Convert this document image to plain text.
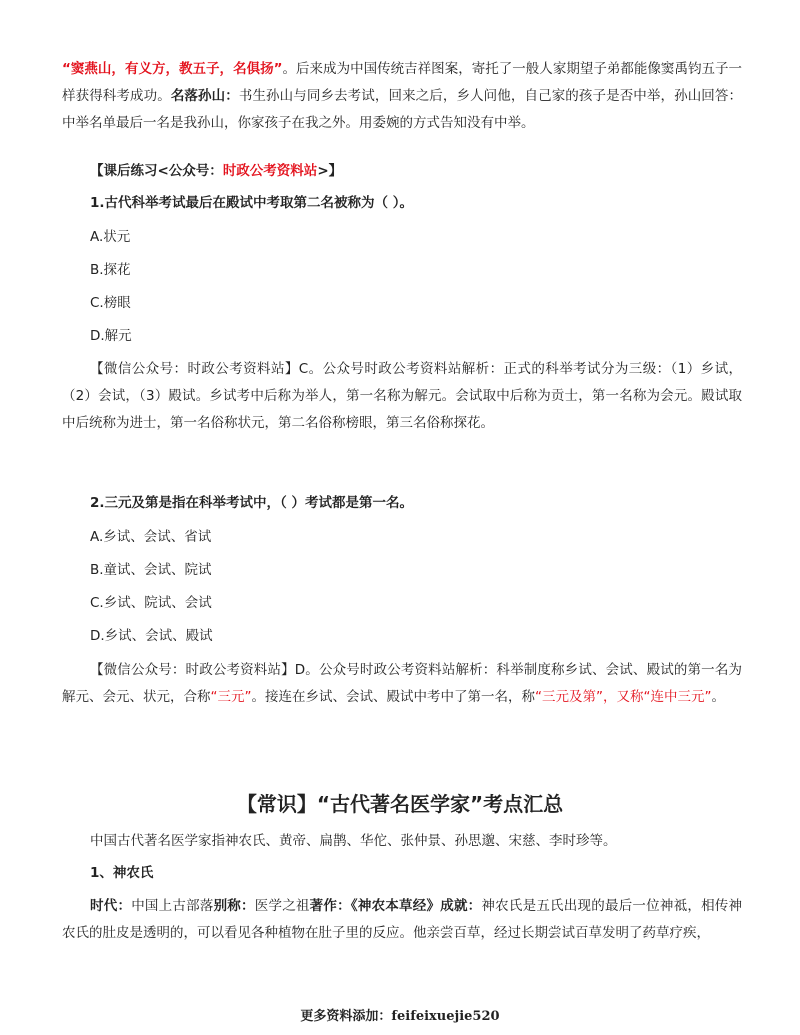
“窦燕山，有义方，教五子，名俱扬”。后来成为中国传统吉祥图案，寄托了一般人家期望子弟都能像窦禹钧五子一样获得科考成功。名落孙山：书生孙山与同乡去考试，回来之后，乡人问他，自己家的孩子是否中举，孙山回答：中举名单最后一名是我孙山，你家孩子在我之外。用委婉的方式告知没有中举。
【课后练习<公众号：时政公考资料站>】
1.古代科举考试最后在殿试中考取第二名被称为（ ）。
A.状元
B.探花
C.榜眼
D.解元
【微信公众号：时政公考资料站】C。公众号时政公考资料站解析：正式的科举考试分为三级：（1）乡试，（2）会试，（3）殿试。乡试考中后称为举人，第一名称为解元。会试取中后称为贡士，第一名称为会元。殿试取中后统称为进士，第一名俗称状元，第二名俗称榜眼，第三名俗称探花。
2.三元及第是指在科举考试中，（ ）考试都是第一名。
A.乡试、会试、省试
B.童试、会试、院试
C.乡试、院试、会试
D.乡试、会试、殿试
【微信公众号：时政公考资料站】D。公众号时政公考资料站解析：科举制度称乡试、会试、殿试的第一名为解元、会元、状元，合称“三元”。接连在乡试、会试、殿试中考中了第一名，称“三元及第”，又称“连中三元”。
【常识】“古代著名医学家”考点汇总
中国古代著名医学家指神农氏、黄帝、扁鹊、华佗、张仲景、孙思邈、宋慈、李时珍等。
1、神农氏
时代：中国上古部落别称：医学之祖著作：《神农本草经》成就：神农氏是五氏出现的最后一位神祗，相传神农氏的肚皮是透明的，可以看见各种植物在肚子里的反应。他亲尝百草，经过长期尝试百草发明了药草疗疾，
更多资料添加：feifeixuejie520
